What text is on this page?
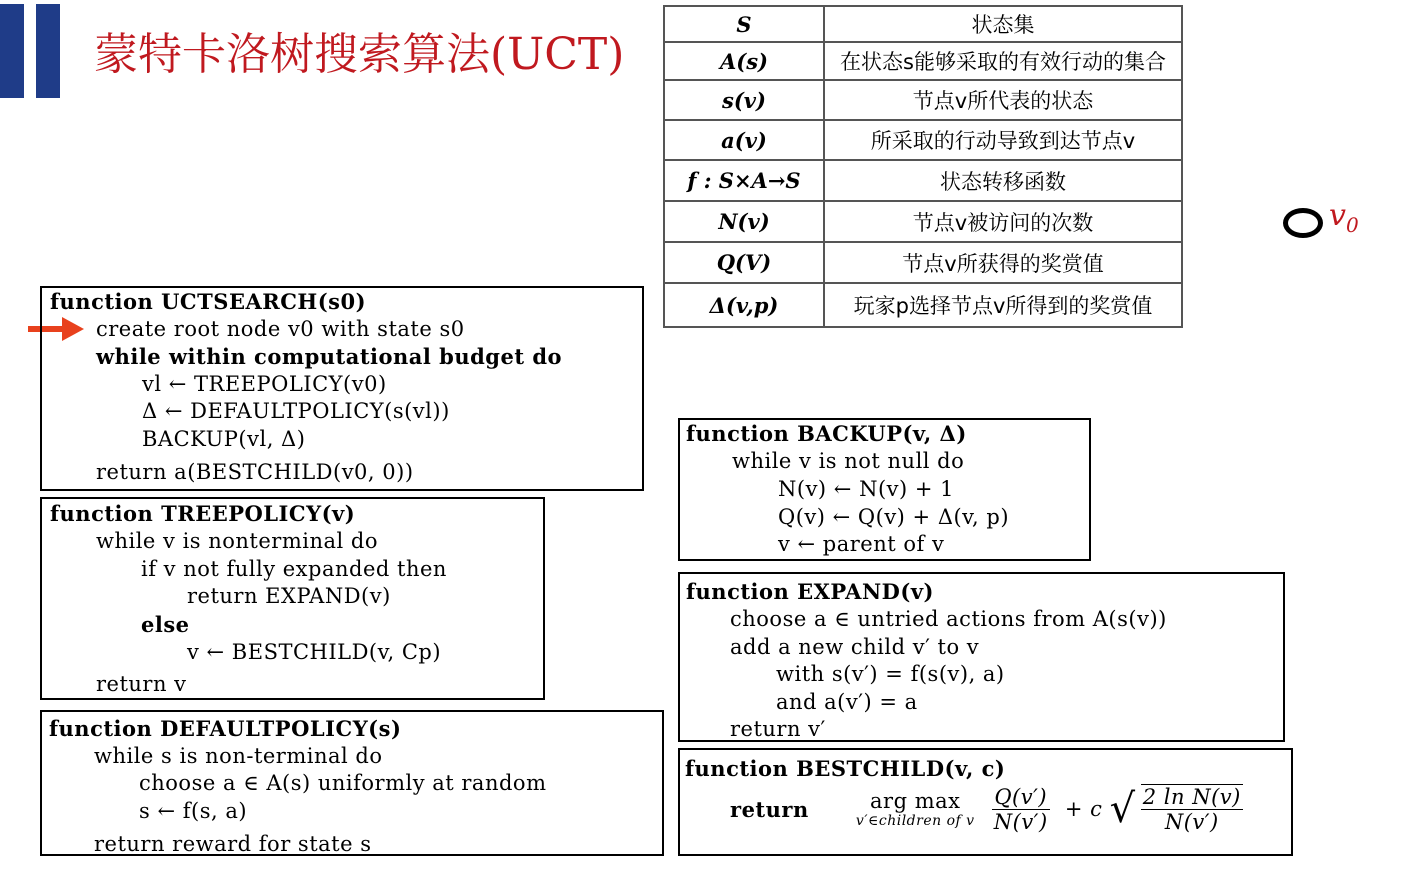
蒙特卡洛树搜索算法(UCT)
S	状态集
A(s)	在状态s能够采取的有效行动的集合
s(v)	节点v所代表的状态
a(v)	所采取的行动导致到达节点v
f : S×A→S	状态转移函数
N(v)	节点v被访问的次数
Q(V)	节点v所获得的奖赏值
Δ(v,p)	玩家p选择节点v所得到的奖赏值
$v_0$
function UCTSEARCH(s0)
create root node v0 with state s0
while within computational budget do
vl ← TREEPOLICY(v0)
Δ ← DEFAULTPOLICY(s(vl))
BACKUP(vl, Δ)
return a(BESTCHILD(v0, 0))
function TREEPOLICY(v)
while v is nonterminal do
if v not fully expanded then
return EXPAND(v)
else
v ← BESTCHILD(v, Cp)
return v
function DEFAULTPOLICY(s)
while s is non-terminal do
choose a ∈ A(s) uniformly at random
s ← f(s, a)
return reward for state s
function BACKUP(v, Δ)
while v is not null do
N(v) ← N(v) + 1
Q(v) ← Q(v) + Δ(v, p)
v ← parent of v
function EXPAND(v)
choose a ∈ untried actions from A(s(v))
add a new child v′ to v
with s(v′) = f(s(v), a)
and a(v′) = a
return v′
function BESTCHILD(v, c)
return	arg max
v′∈children of v
$\frac{Q(v')}{N(v')} + c$ √ $\frac{\text{2 ln N(v)}}{N(v')}$
